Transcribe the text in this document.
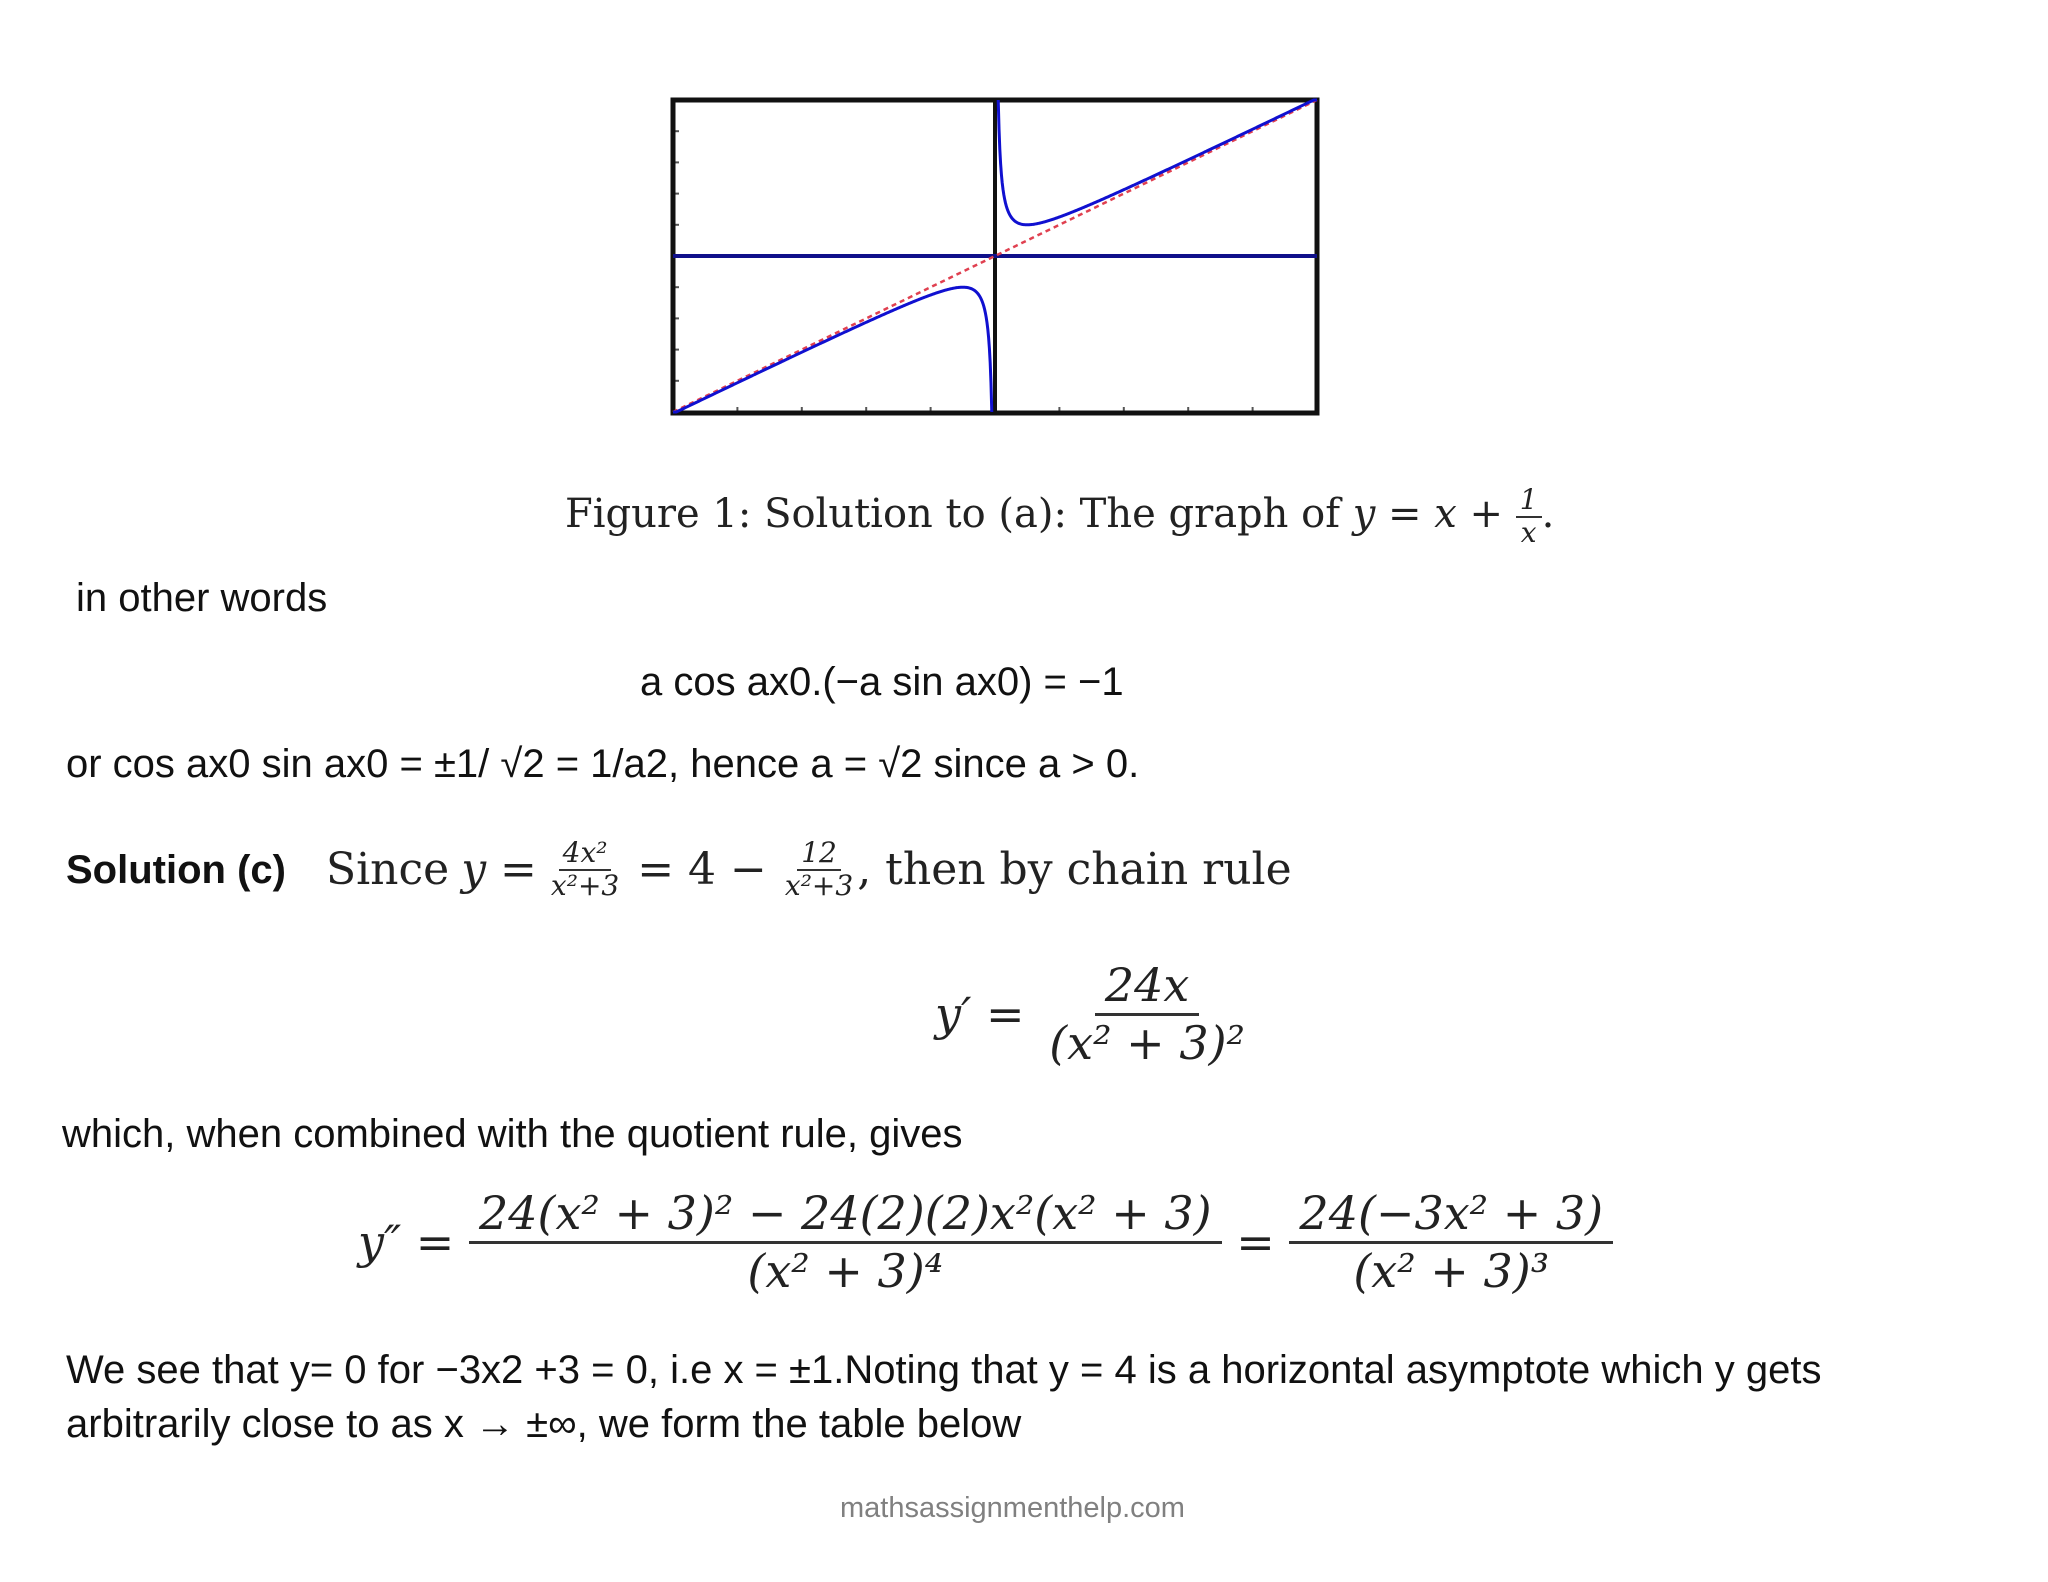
Figure 1: Solution to (a): The graph of $y = x + \frac{1}{x}$ .
in other words
a cos ax0.(−a sin ax0) = −1
or cos ax0 sin ax0 = ±1/ √2 = 1/a2, hence a = √2 since a > 0.
Solution (c) Since $y = \frac{\text{4x²}}{\text{x²+3}} = 4 - \frac{12}{\text{x²+3}}$ , then by chain rule
$y' = \frac{24x}{\text{(x² + 3)²}}$
which, when combined with the quotient rule, gives
$y'' = \frac{\text{24(x² + 3)² − 24(2)(2)x²(x² + 3)}}{\text{(x² + 3)⁴}} = \frac{\text{24(−3x² + 3)}}{\text{(x² + 3)³}}$
We see that y= 0 for −3x2 +3 = 0, i.e x = ±1.Noting that y = 4 is a horizontal asymptote which y gets
arbitrarily close to as x → ±∞, we form the table below
mathsassignmenthelp.com
